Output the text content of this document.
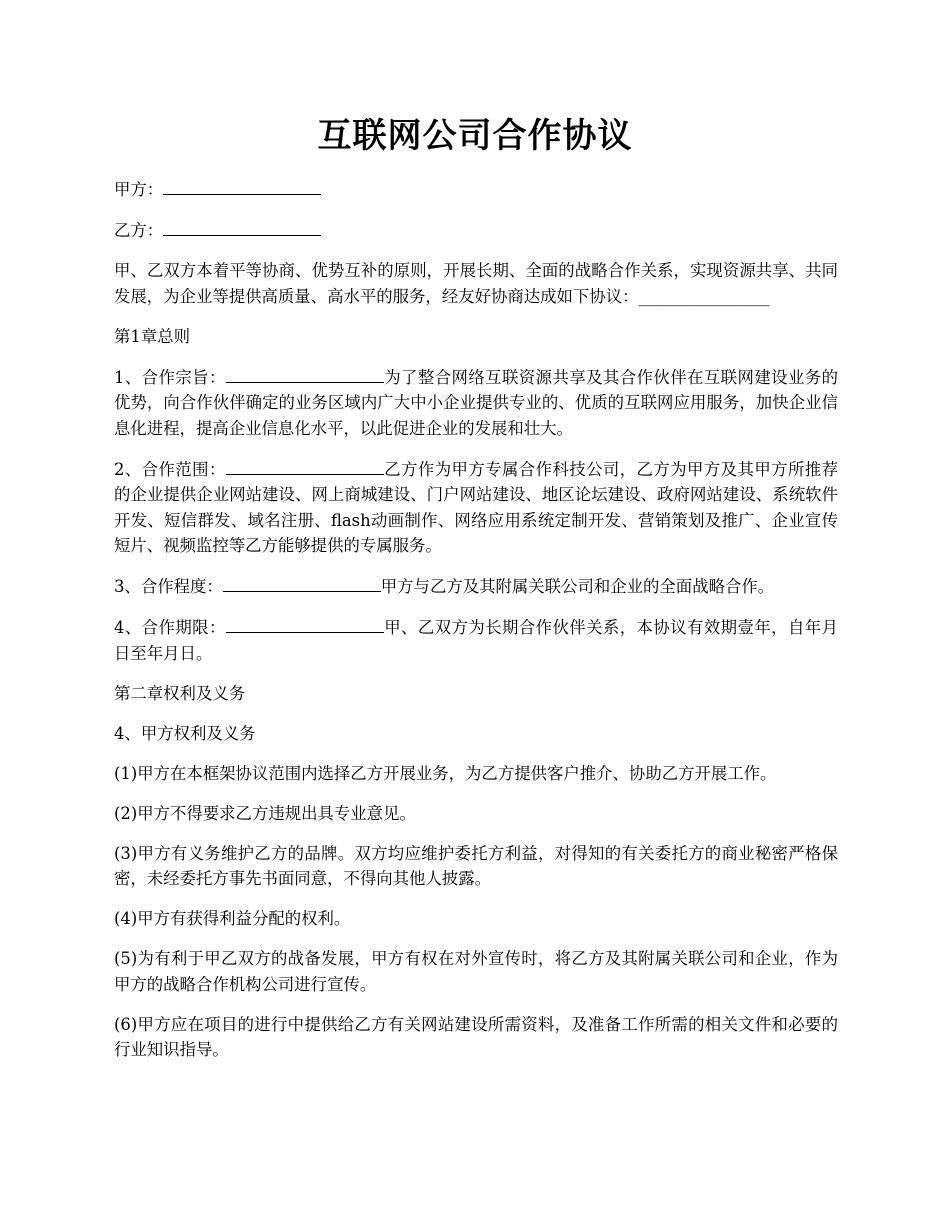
互联网公司合作协议

甲方：

乙方：

甲、乙双方本着平等协商、优势互补的原则，开展长期、全面的战略合作关系，实现资源共享、共同发展，为企业等提供高质量、高水平的服务，经友好协商达成如下协议：________________

第1章总则

1、合作宗旨：	为了整合网络互联资源共享及其合作伙伴在互联网建设业务的优势，向合作伙伴确定的业务区域内广大中小企业提供专业的、优质的互联网应用服务，加快企业信息化进程，提高企业信息化水平，以此促进企业的发展和壮大。

2、合作范围：	乙方作为甲方专属合作科技公司，乙方为甲方及其甲方所推荐的企业提供企业网站建设、网上商城建设、门户网站建设、地区论坛建设、政府网站建设、系统软件开发、短信群发、域名注册、flash动画制作、网络应用系统定制开发、营销策划及推广、企业宣传短片、视频监控等乙方能够提供的专属服务。

3、合作程度：	甲方与乙方及其附属关联公司和企业的全面战略合作。

4、合作期限：	甲、乙双方为长期合作伙伴关系，本协议有效期壹年，自年月日至年月日。

第二章权利及义务

4、甲方权利及义务

(1)甲方在本框架协议范围内选择乙方开展业务，为乙方提供客户推介、协助乙方开展工作。

(2)甲方不得要求乙方违规出具专业意见。

(3)甲方有义务维护乙方的品牌。双方均应维护委托方利益，对得知的有关委托方的商业秘密严格保密，未经委托方事先书面同意，不得向其他人披露。

(4)甲方有获得利益分配的权利。

(5)为有利于甲乙双方的战备发展，甲方有权在对外宣传时，将乙方及其附属关联公司和企业，作为甲方的战略合作机构公司进行宣传。

(6)甲方应在项目的进行中提供给乙方有关网站建设所需资料，及准备工作所需的相关文件和必要的行业知识指导。
